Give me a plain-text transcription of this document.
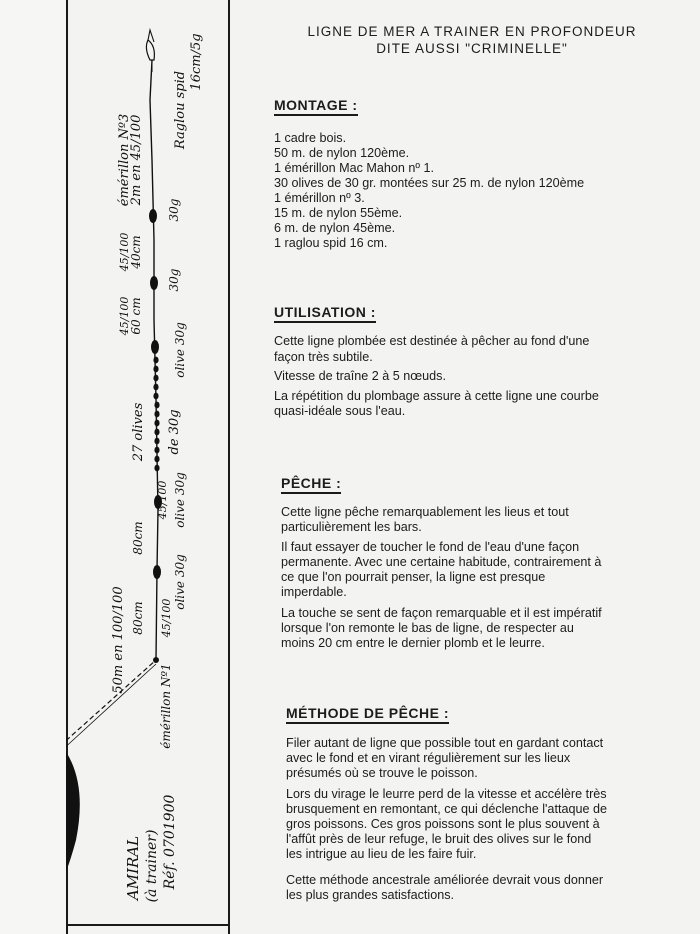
Raglou spid
16cm/5g
2m en 45/100
émérillon Nº3
30g
40cm
45/100
30g
60 cm
45/100
olive 30g
27 olives de 30g
olive 30g
45/100
80cm
olive 30g
45/100
80cm
50m en 100/100
émérillon Nº1
AMIRAL (à trainer) Réf. 0701900
LIGNE DE MER A TRAINER EN PROFONDEUR
DITE AUSSI "CRIMINELLE"
MONTAGE :
1 cadre bois.
50 m. de nylon 120ème.
1 émérillon Mac Mahon nº 1.
30 olives de 30 gr. montées sur 25 m. de nylon 120ème
1 émérillon nº 3.
15 m. de nylon 55ème.
6 m. de nylon 45ème.
1 raglou spid 16 cm.
UTILISATION :
Cette ligne plombée est destinée à pêcher au fond d'une
façon très subtile.
Vitesse de traîne 2 à 5 nœuds.
La répétition du plombage assure à cette ligne une courbe
quasi-idéale sous l'eau.
PÊCHE :
Cette ligne pêche remarquablement les lieus et tout
particulièrement les bars.
Il faut essayer de toucher le fond de l'eau d'une façon
permanente. Avec une certaine habitude, contrairement à
ce que l'on pourrait penser, la ligne est presque
imperdable.
La touche se sent de façon remarquable et il est impératif
lorsque l'on remonte le bas de ligne, de respecter au
moins 20 cm entre le dernier plomb et le leurre.
MÉTHODE DE PÊCHE :
Filer autant de ligne que possible tout en gardant contact
avec le fond et en virant régulièrement sur les lieux
présumés où se trouve le poisson.
Lors du virage le leurre perd de la vitesse et accélère très
brusquement en remontant, ce qui déclenche l'attaque de
gros poissons. Ces gros poissons sont le plus souvent à
l'affût près de leur refuge, le bruit des olives sur le fond
les intrigue au lieu de les faire fuir.
Cette méthode ancestrale améliorée devrait vous donner
les plus grandes satisfactions.
